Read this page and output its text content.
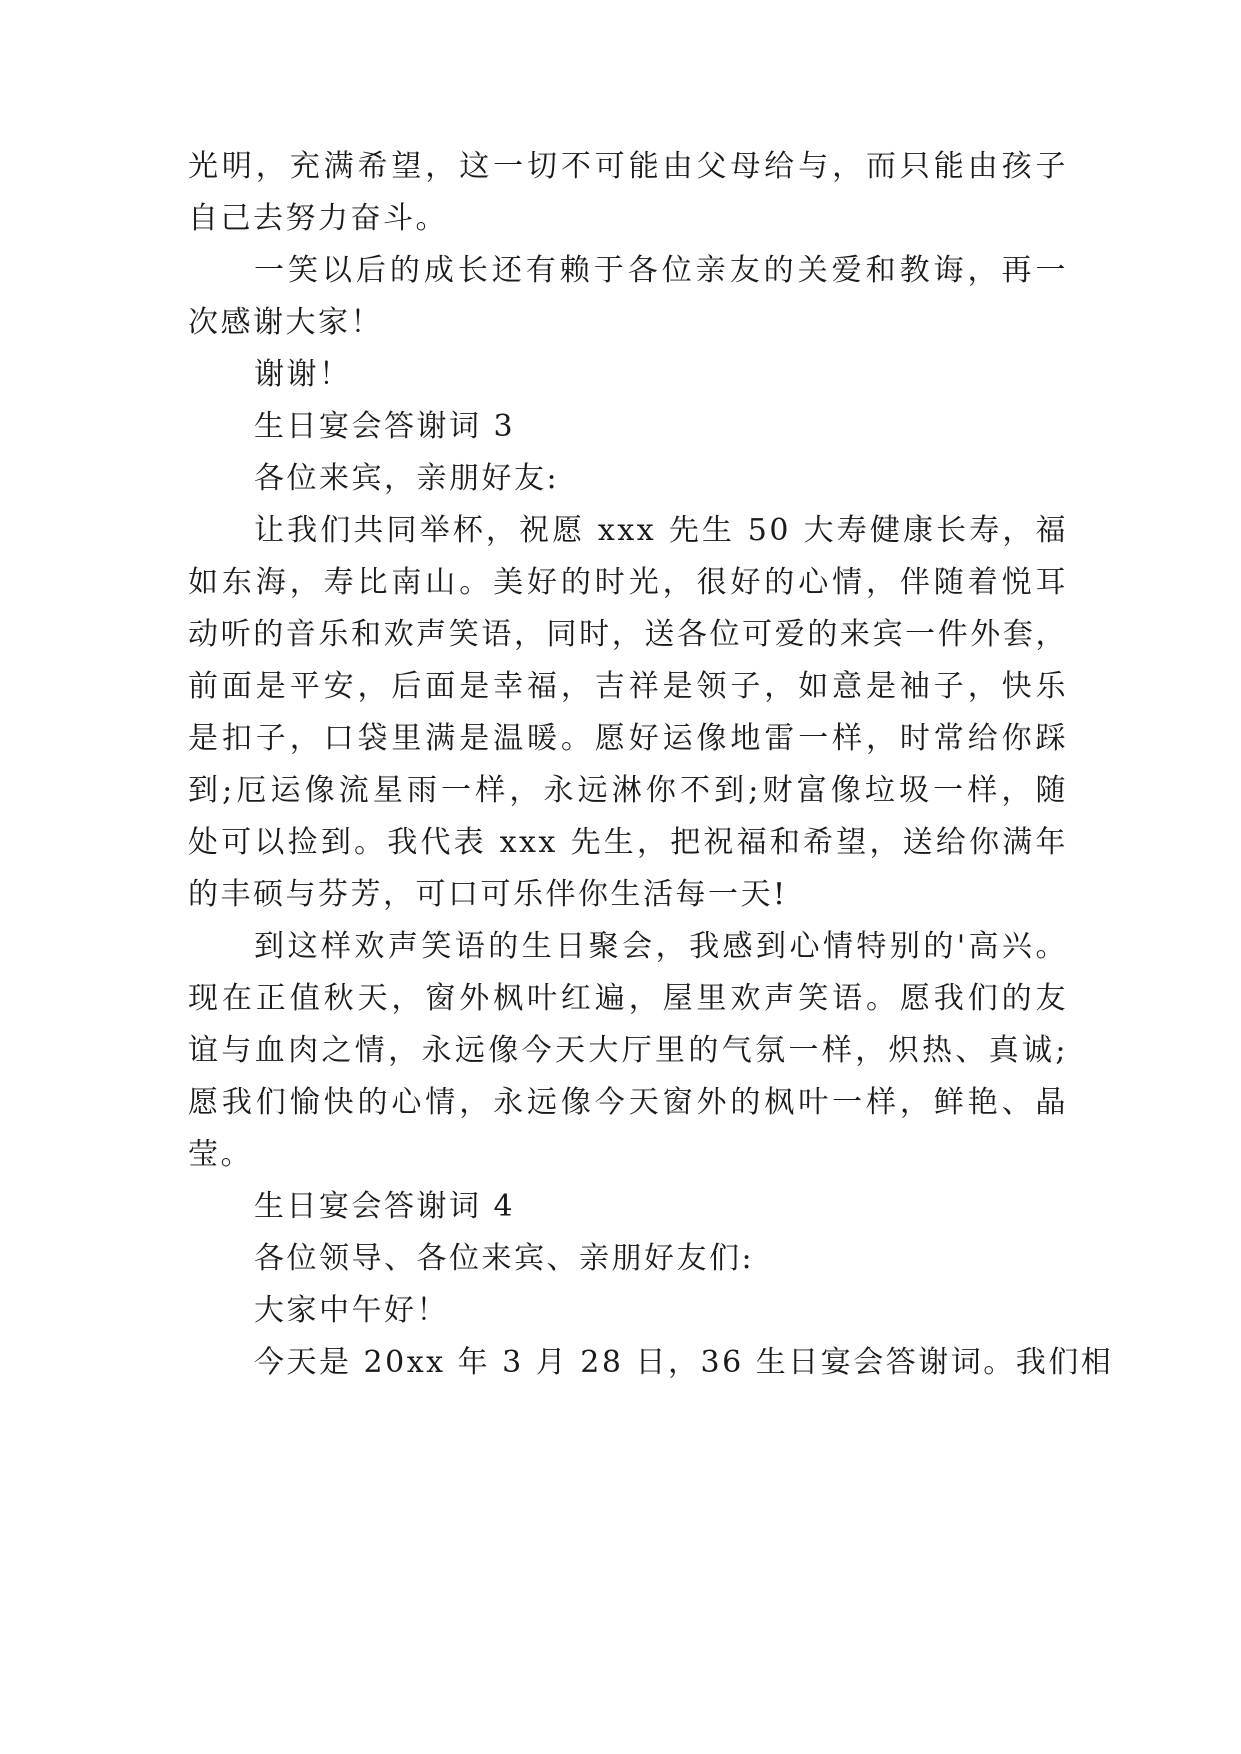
光明，充满希望，这一切不可能由父母给与，而只能由孩子
自己去努力奋斗。
一笑以后的成长还有赖于各位亲友的关爱和教诲，再一
次感谢大家！
谢谢！
生日宴会答谢词 3
各位来宾，亲朋好友:
让我们共同举杯，祝愿 xxx 先生 50 大寿健康长寿，福
如东海，寿比南山。美好的时光，很好的心情，伴随着悦耳
动听的音乐和欢声笑语，同时，送各位可爱的来宾一件外套，
前面是平安，后面是幸福，吉祥是领子，如意是袖子，快乐
是扣子，口袋里满是温暖。愿好运像地雷一样，时常给你踩
到;厄运像流星雨一样，永远淋你不到;财富像垃圾一样，随
处可以捡到。我代表 xxx 先生，把祝福和希望，送给你满年
的丰硕与芬芳，可口可乐伴你生活每一天!
到这样欢声笑语的生日聚会，我感到心情特别的'高兴。
现在正值秋天，窗外枫叶红遍，屋里欢声笑语。愿我们的友
谊与血肉之情，永远像今天大厅里的气氛一样，炽热、真诚;
愿我们愉快的心情，永远像今天窗外的枫叶一样，鲜艳、晶
莹。
生日宴会答谢词 4
各位领导、各位来宾、亲朋好友们:
大家中午好！
今天是 20xx 年 3 月 28 日，36 生日宴会答谢词。我们相
